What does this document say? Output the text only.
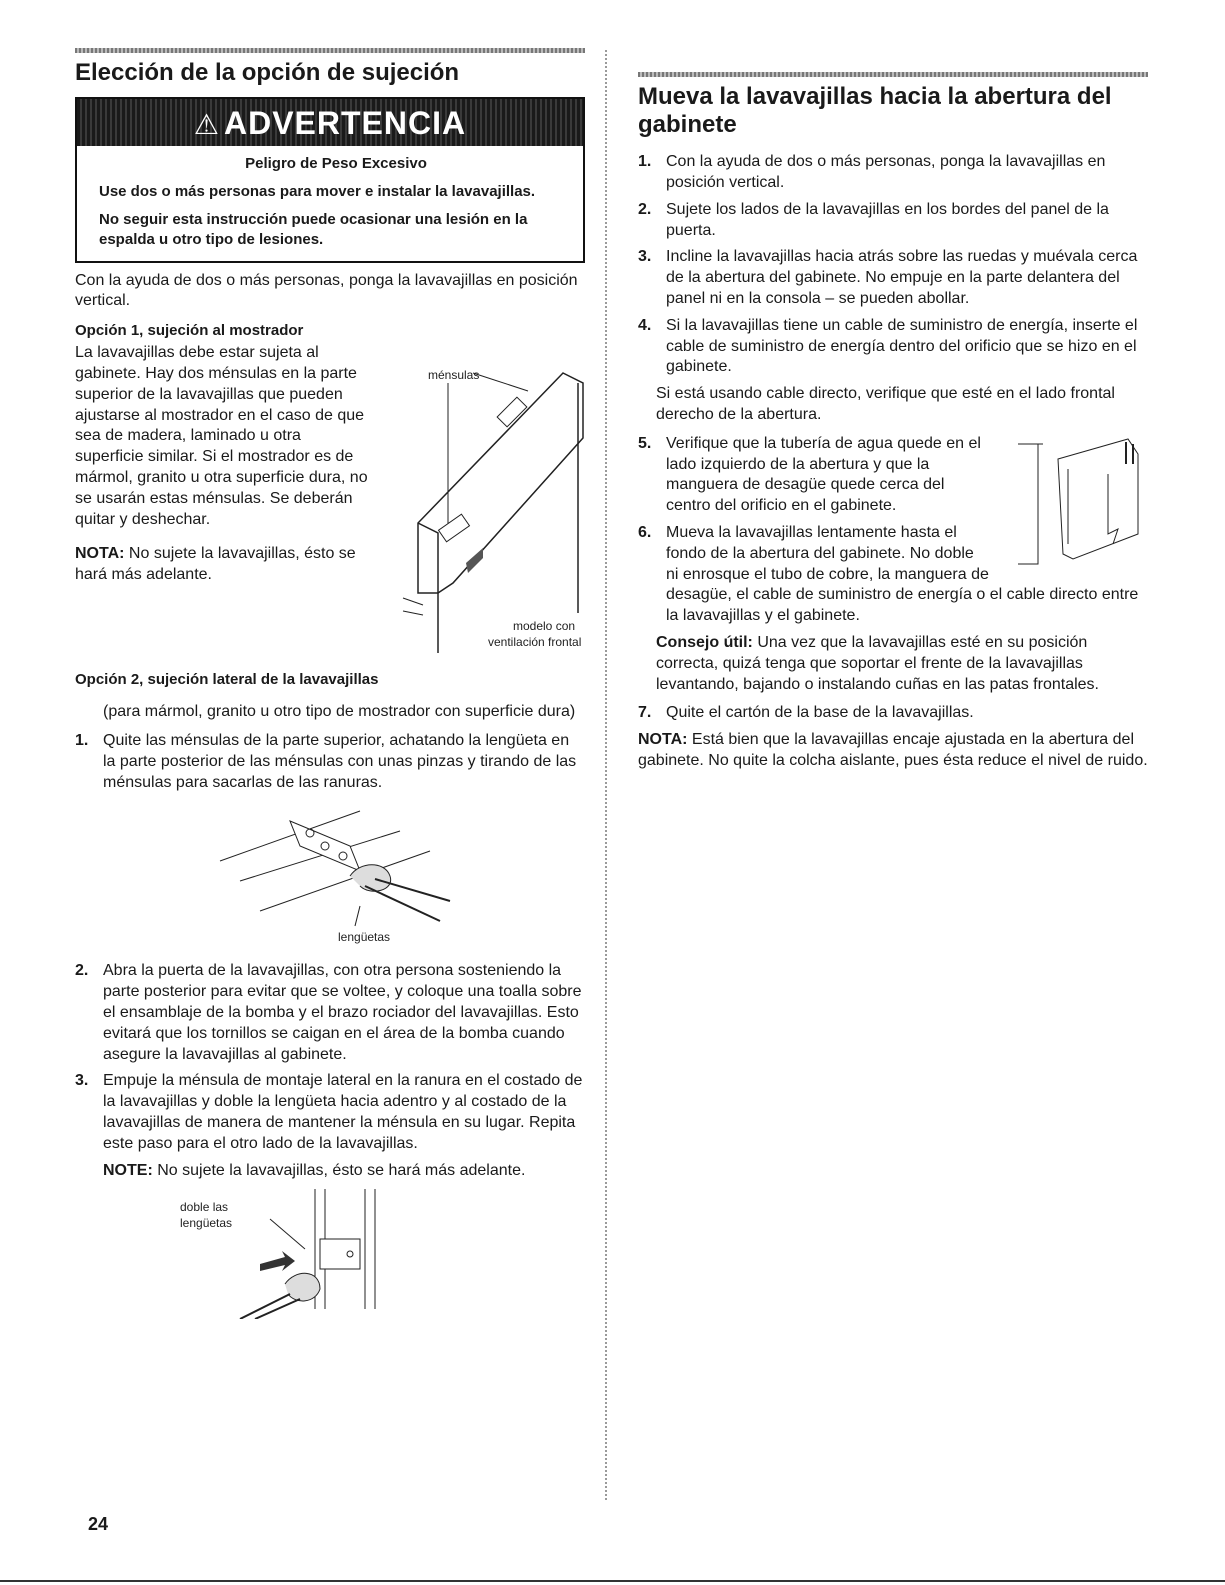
Elección de la opción de sujeción
⚠ ADVERTENCIA
Peligro de Peso Excesivo

Use dos o más personas para mover e instalar la lavavajillas.

No seguir esta instrucción puede ocasionar una lesión en la espalda u otro tipo de lesiones.

Con la ayuda de dos o más personas, ponga la lavavajillas en posición vertical.

Opción 1, sujeción al mostrador
ménsulas
modelo con
ventilación frontal

La lavavajillas debe estar sujeta al gabinete. Hay dos ménsulas en la parte superior de la lavavajillas que pueden ajustarse al mostrador en el caso de que sea de madera, laminado u otra superficie similar. Si el mostrador es de mármol, granito u otra superficie dura, no se usarán estas ménsulas. Se deberán quitar y deshechar.

NOTA: No sujete la lavavajillas, ésto se hará más adelante.

Opción 2, sujeción lateral de la lavavajillas

(para mármol, granito u otro tipo de mostrador con superficie dura)

1. Quite las ménsulas de la parte superior, achatando la lengüeta en la parte posterior de las ménsulas con unas pinzas y tirando de las ménsulas para sacarlas de las ranuras.
lengüetas
2. Abra la puerta de la lavavajillas, con otra persona sosteniendo la parte posterior para evitar que se voltee, y coloque una toalla sobre el ensamblaje de la bomba y el brazo rociador del lavavajillas. Esto evitará que los tornillos se caigan en el área de la bomba cuando asegure la lavavajillas al gabinete.
3. Empuje la ménsula de montaje lateral en la ranura en el costado de la lavavajillas y doble la lengüeta hacia adentro y al costado de la lavavajillas de manera de mantener la ménsula en su lugar. Repita este paso para el otro lado de la lavavajillas.

NOTE: No sujete la lavavajillas, ésto se hará más adelante.

doble las
lengüetas
Mueva la lavavajillas hacia la abertura del gabinete
1. Con la ayuda de dos o más personas, ponga la lavavajillas en posición vertical.
2. Sujete los lados de la lavavajillas en los bordes del panel de la puerta.
3. Incline la lavavajillas hacia atrás sobre las ruedas y muévala cerca de la abertura del gabinete. No empuje en la parte delantera del panel ni en la consola – se pueden abollar.
4. Si la lavavajillas tiene un cable de suministro de energía, inserte el cable de suministro de energía dentro del orificio que se hizo en el gabinete.

Si está usando cable directo, verifique que esté en el lado frontal derecho de la abertura.

5. Verifique que la tubería de agua quede en el lado izquierdo de la abertura y que la manguera de desagüe quede cerca del centro del orificio en el gabinete.
6. Mueva la lavavajillas lentamente hasta el fondo de la abertura del gabinete. No doble ni enrosque el tubo de cobre, la manguera de desagüe, el cable de suministro de energía o el cable directo entre la lavavajillas y el gabinete.

Consejo útil: Una vez que la lavavajillas esté en su posición correcta, quizá tenga que soportar el frente de la lavavajillas levantando, bajando o instalando cuñas en las patas frontales.

7. Quite el cartón de la base de la lavavajillas.

NOTA: Está bien que la lavavajillas encaje ajustada en la abertura del gabinete. No quite la colcha aislante, pues ésta reduce el nivel de ruido.

24
